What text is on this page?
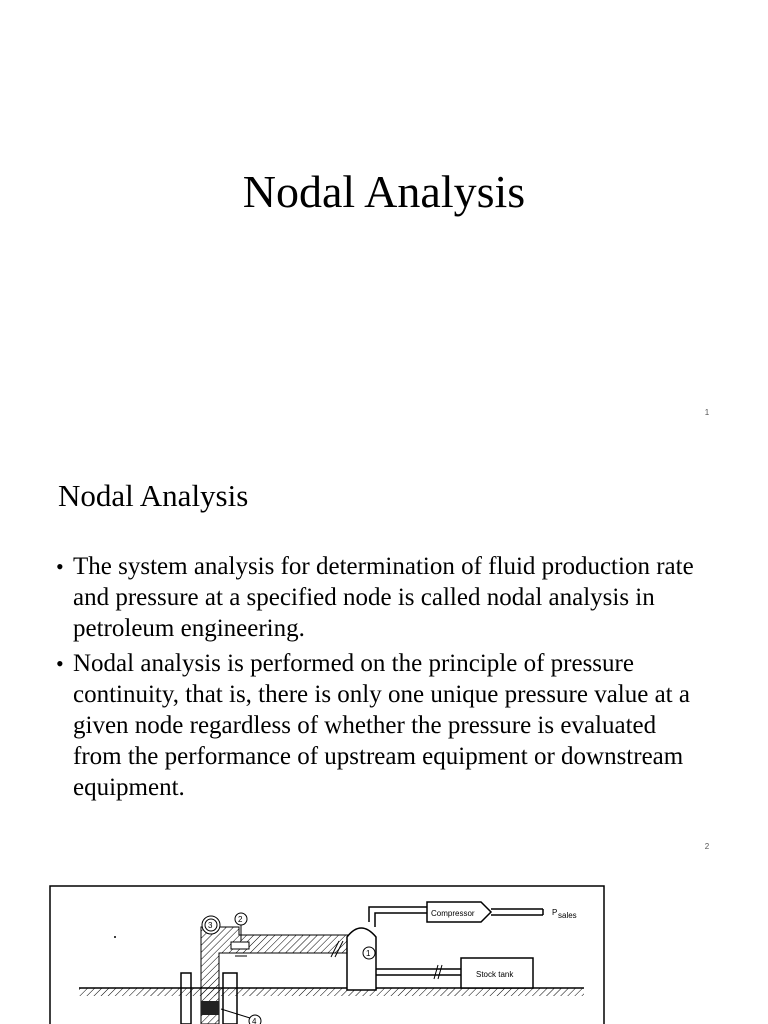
Nodal Analysis
1
Nodal Analysis
• The system analysis for determination of fluid production rate and pressure at a specified node is called nodal analysis in petroleum engineering.
• Nodal analysis is performed on the principle of pressure continuity, that is, there is only one unique pressure value at a given node regardless of whether the pressure is evaluated from the performance of upstream equipment or downstream equipment.
2
Compressor	P sales
Stock tank
1
2
3
4
